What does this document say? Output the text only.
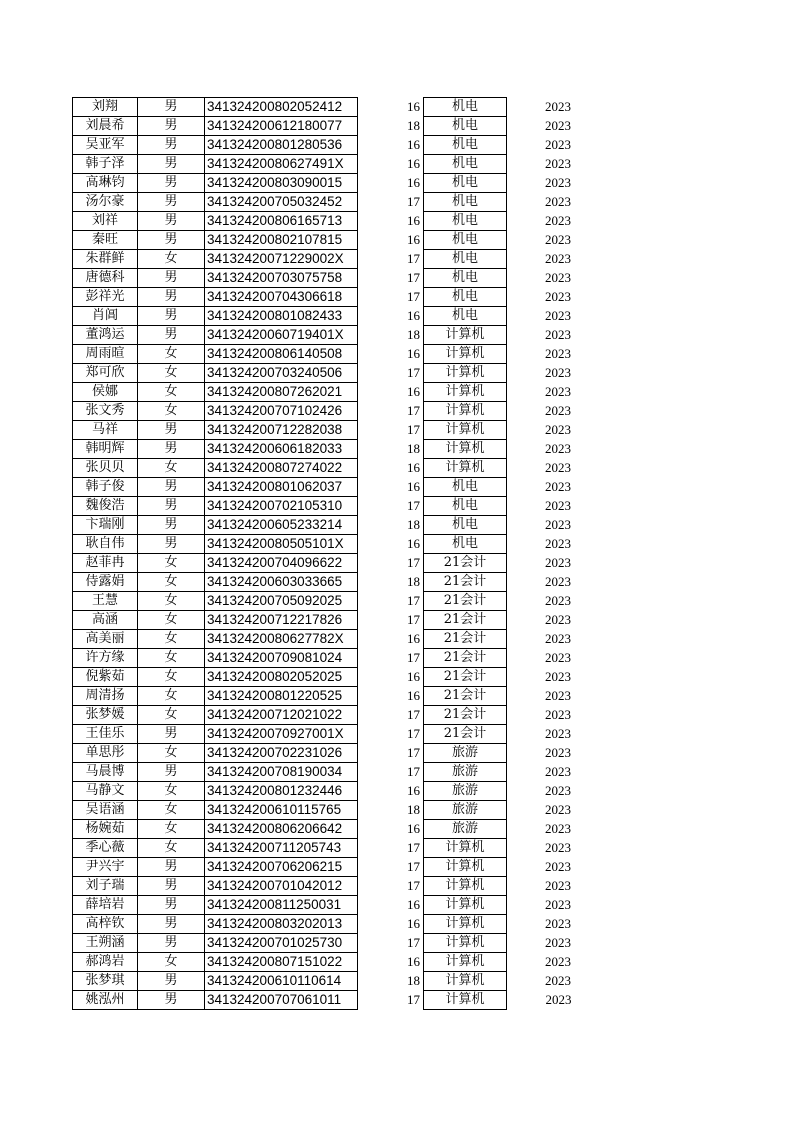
刘翔	男	341324200802052412		16	机电	2023
刘晨希	男	341324200612180077		18	机电	2023
吴亚军	男	341324200801280536		16	机电	2023
韩子泽	男	34132420080627491X		16	机电	2023
高琳钧	男	341324200803090015		16	机电	2023
汤尔豪	男	341324200705032452		17	机电	2023
刘祥	男	341324200806165713		16	机电	2023
秦旺	男	341324200802107815		16	机电	2023
朱群鲜	女	34132420071229002X		17	机电	2023
唐德科	男	341324200703075758		17	机电	2023
彭祥光	男	341324200704306618		17	机电	2023
肖阊	男	341324200801082433		16	机电	2023
董鸿运	男	34132420060719401X		18	计算机	2023
周雨暄	女	341324200806140508		16	计算机	2023
郑可欣	女	341324200703240506		17	计算机	2023
侯娜	女	341324200807262021		16	计算机	2023
张文秀	女	341324200707102426		17	计算机	2023
马祥	男	341324200712282038		17	计算机	2023
韩明辉	男	341324200606182033		18	计算机	2023
张贝贝	女	341324200807274022		16	计算机	2023
韩子俊	男	341324200801062037		16	机电	2023
魏俊浩	男	341324200702105310		17	机电	2023
卞瑞刚	男	341324200605233214		18	机电	2023
耿自伟	男	34132420080505101X		16	机电	2023
赵菲冉	女	341324200704096622		17	21会计	2023
侍露娟	女	341324200603033665		18	21会计	2023
王慧	女	341324200705092025		17	21会计	2023
高涵	女	341324200712217826		17	21会计	2023
高美丽	女	34132420080627782X		16	21会计	2023
许方缘	女	341324200709081024		17	21会计	2023
倪紫茹	女	341324200802052025		16	21会计	2023
周清扬	女	341324200801220525		16	21会计	2023
张梦媛	女	341324200712021022		17	21会计	2023
王佳乐	男	34132420070927001X		17	21会计	2023
单思彤	女	341324200702231026		17	旅游	2023
马晨博	男	341324200708190034		17	旅游	2023
马静文	女	341324200801232446		16	旅游	2023
吴语涵	女	341324200610115765		18	旅游	2023
杨婉茹	女	341324200806206642		16	旅游	2023
季心薇	女	341324200711205743		17	计算机	2023
尹兴宇	男	341324200706206215		17	计算机	2023
刘子瑞	男	341324200701042012		17	计算机	2023
薛培岩	男	341324200811250031		16	计算机	2023
高梓钦	男	341324200803202013		16	计算机	2023
王朔涵	男	341324200701025730		17	计算机	2023
郝鸿岩	女	341324200807151022		16	计算机	2023
张梦琪	男	341324200610110614		18	计算机	2023
姚泓州	男	341324200707061011		17	计算机	2023
